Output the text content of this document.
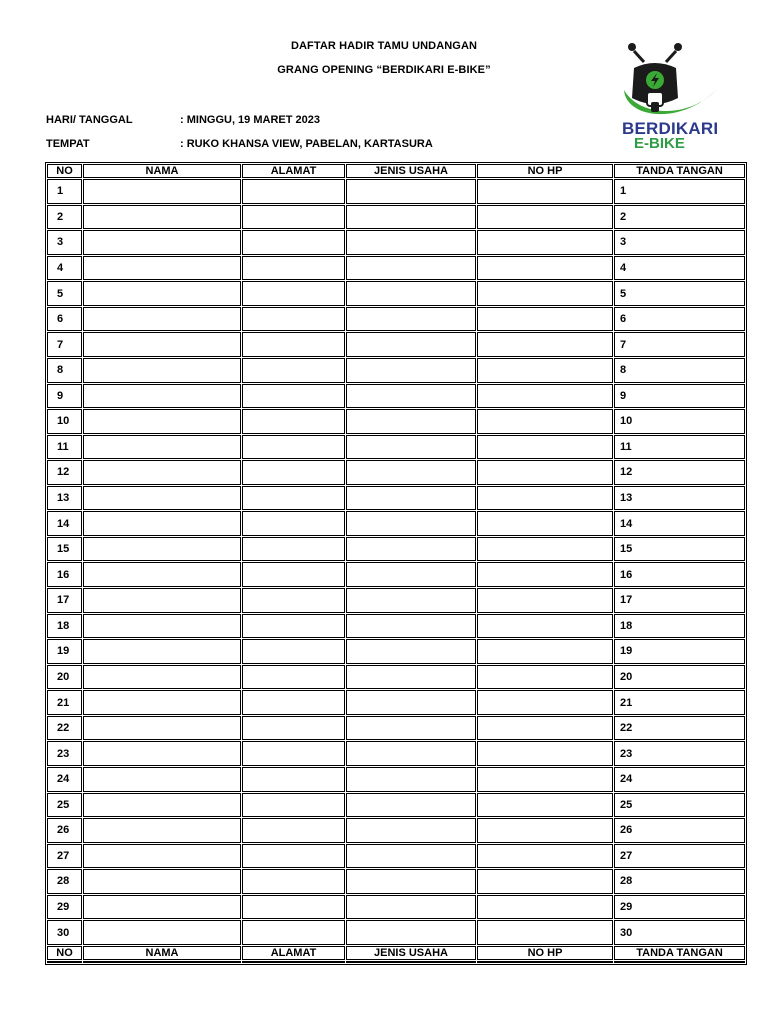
DAFTAR HADIR TAMU UNDANGAN
GRANG OPENING “BERDIKARI E-BIKE”
HARI/ TANGGAL	: MINGGU, 19 MARET 2023
TEMPAT	: RUKO KHANSA VIEW, PABELAN, KARTASURA
BERDIKARI
E-BIKE
NO	NAMA	ALAMAT	JENIS USAHA	NO HP	TANDA TANGAN
1					1
2					2
3					3
4					4
5					5
6					6
7					7
8					8
9					9
10					10
11					11
12					12
13					13
14					14
15					15
16					16
17					17
18					18
19					19
20					20
21					21
22					22
23					23
24					24
25					25
26					26
27					27
28					28
29					29
30					30
NO	NAMA	ALAMAT	JENIS USAHA	NO HP	TANDA TANGAN
